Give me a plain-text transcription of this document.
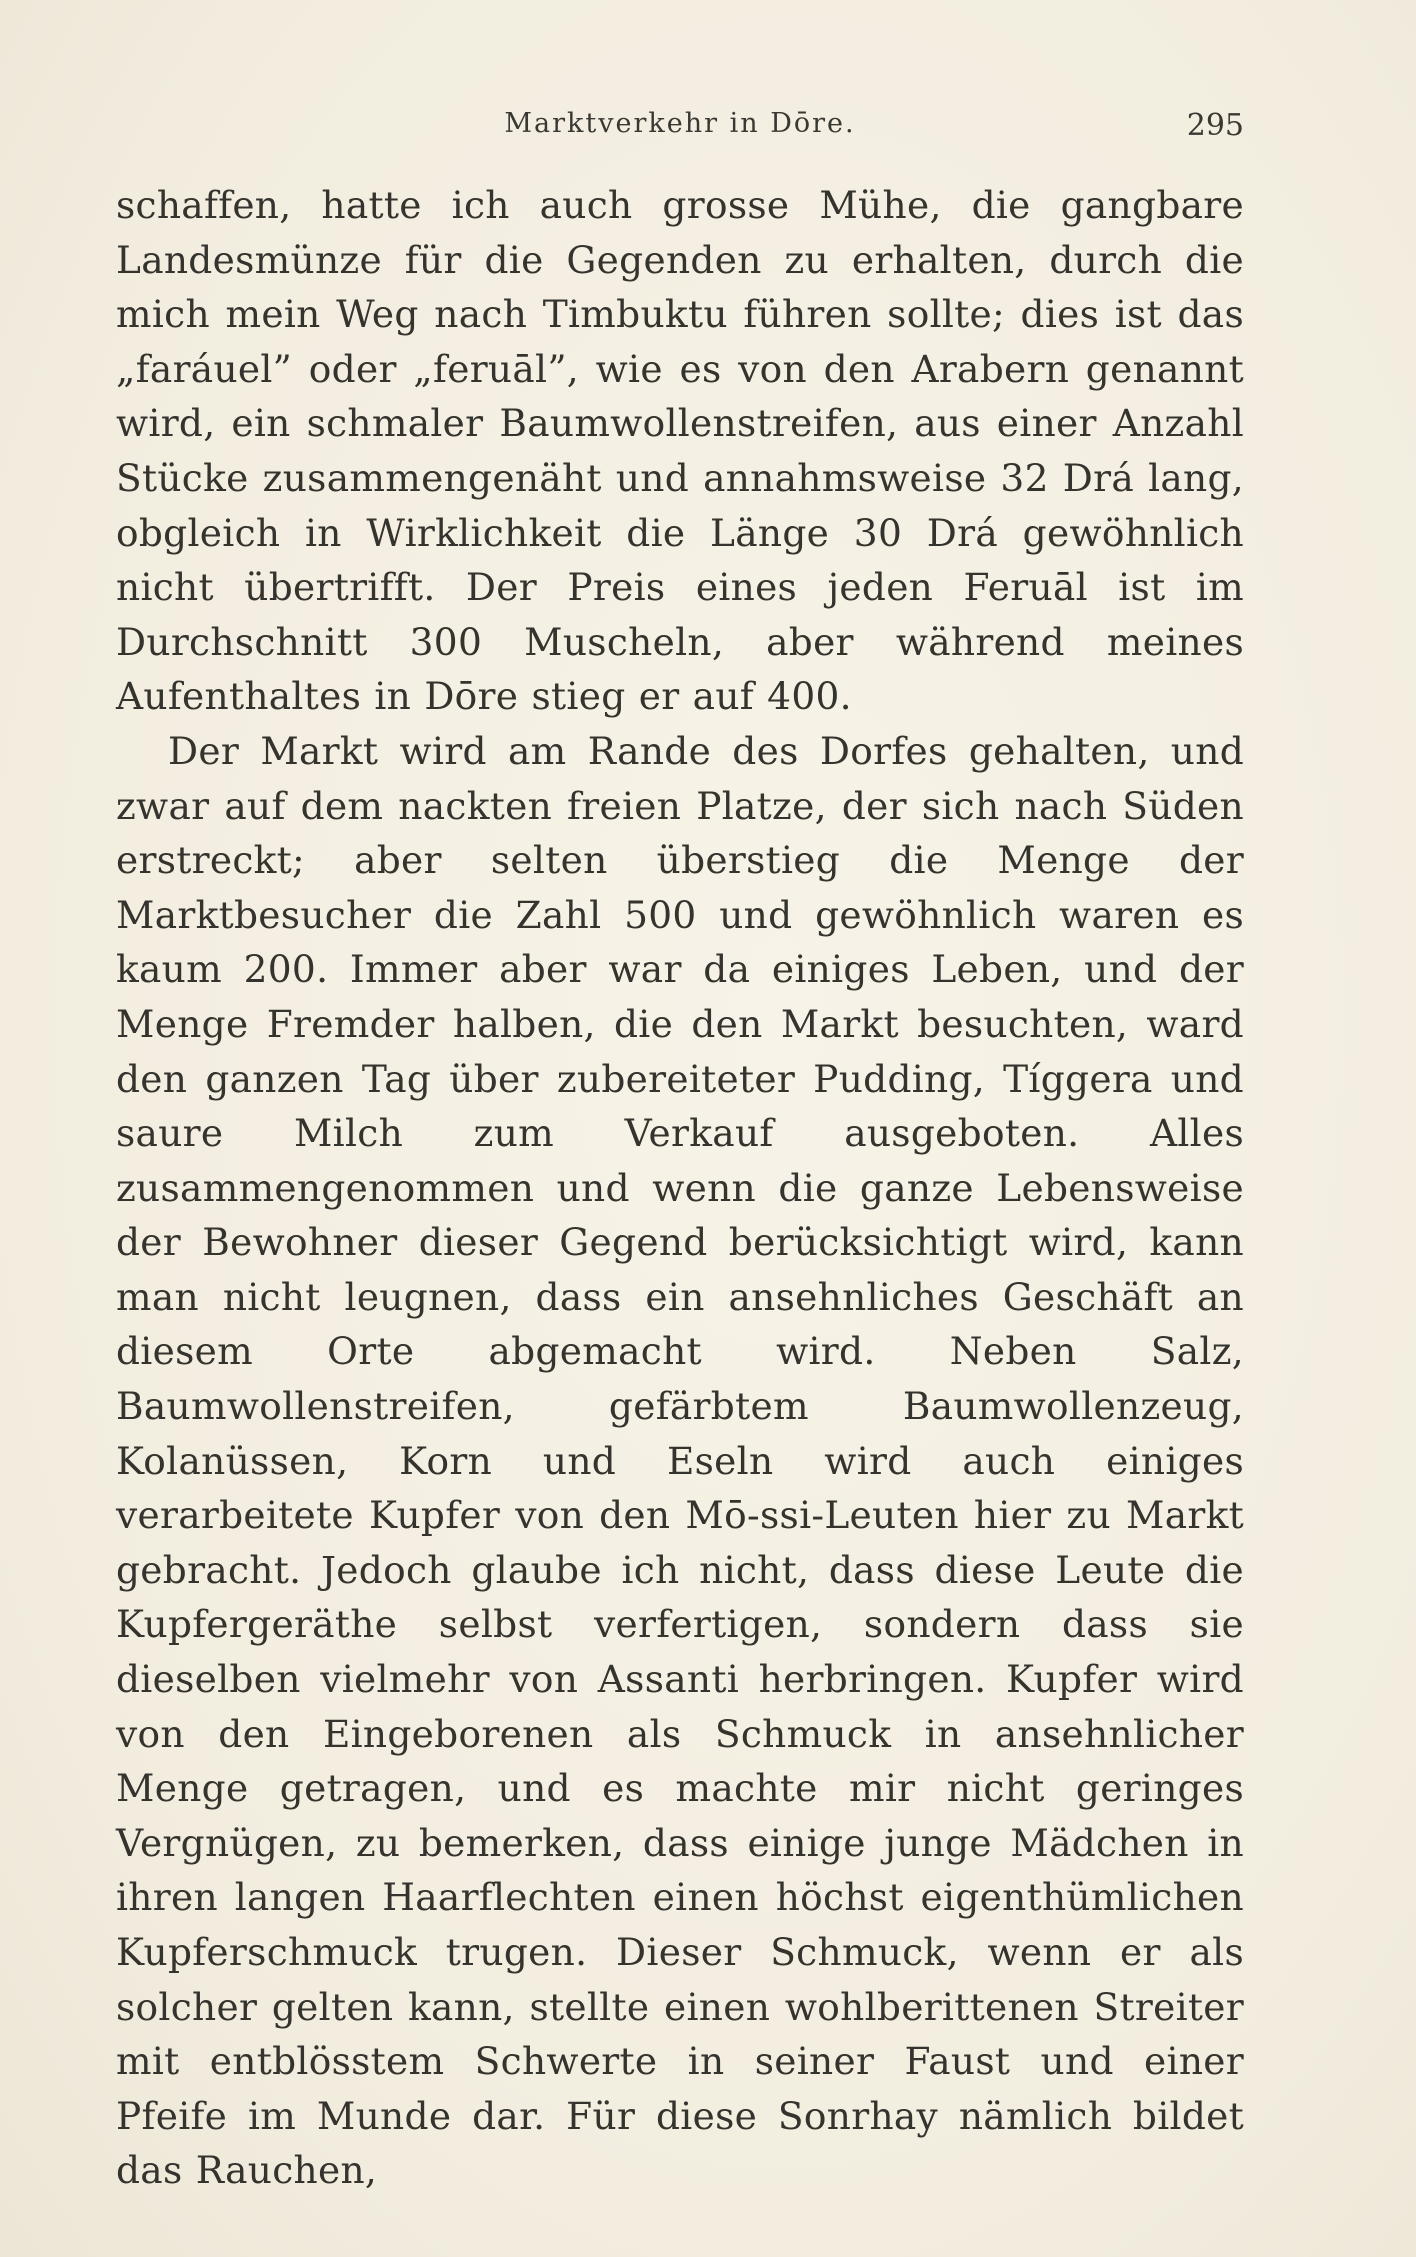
Marktverkehr in Dōre.	295

schaffen, hatte ich auch grosse Mühe, die gangbare Landesmünze für die Gegenden zu erhalten, durch die mich mein Weg nach Timbuktu führen sollte; dies ist das „faráuel” oder „feruāl”, wie es von den Arabern genannt wird, ein schmaler Baumwollenstreifen, aus einer Anzahl Stücke zusammengenäht und annahmsweise 32 Drá lang, obgleich in Wirklichkeit die Länge 30 Drá gewöhnlich nicht übertrifft. Der Preis eines jeden Feruāl ist im Durchschnitt 300 Muscheln, aber während meines Aufenthaltes in Dōre stieg er auf 400.

Der Markt wird am Rande des Dorfes gehalten, und zwar auf dem nackten freien Platze, der sich nach Süden erstreckt; aber selten überstieg die Menge der Marktbesucher die Zahl 500 und gewöhnlich waren es kaum 200. Immer aber war da einiges Leben, und der Menge Fremder halben, die den Markt besuchten, ward den ganzen Tag über zubereiteter Pudding, Tíggera und saure Milch zum Verkauf ausgeboten. Alles zusammengenommen und wenn die ganze Lebensweise der Bewohner dieser Gegend berücksichtigt wird, kann man nicht leugnen, dass ein ansehnliches Geschäft an diesem Orte abgemacht wird. Neben Salz, Baumwollenstreifen, gefärbtem Baumwollenzeug, Kolanüssen, Korn und Eseln wird auch einiges verarbeitete Kupfer von den Mō-ssi-Leuten hier zu Markt gebracht. Jedoch glaube ich nicht, dass diese Leute die Kupfergeräthe selbst verfertigen, sondern dass sie dieselben vielmehr von Assanti herbringen. Kupfer wird von den Eingeborenen als Schmuck in ansehnlicher Menge getragen, und es machte mir nicht geringes Vergnügen, zu bemerken, dass einige junge Mädchen in ihren langen Haarflechten einen höchst eigenthümlichen Kupferschmuck trugen. Dieser Schmuck, wenn er als solcher gelten kann, stellte einen wohlberittenen Streiter mit entblösstem Schwerte in seiner Faust und einer Pfeife im Munde dar. Für diese Sonrhay nämlich bildet das Rauchen,
